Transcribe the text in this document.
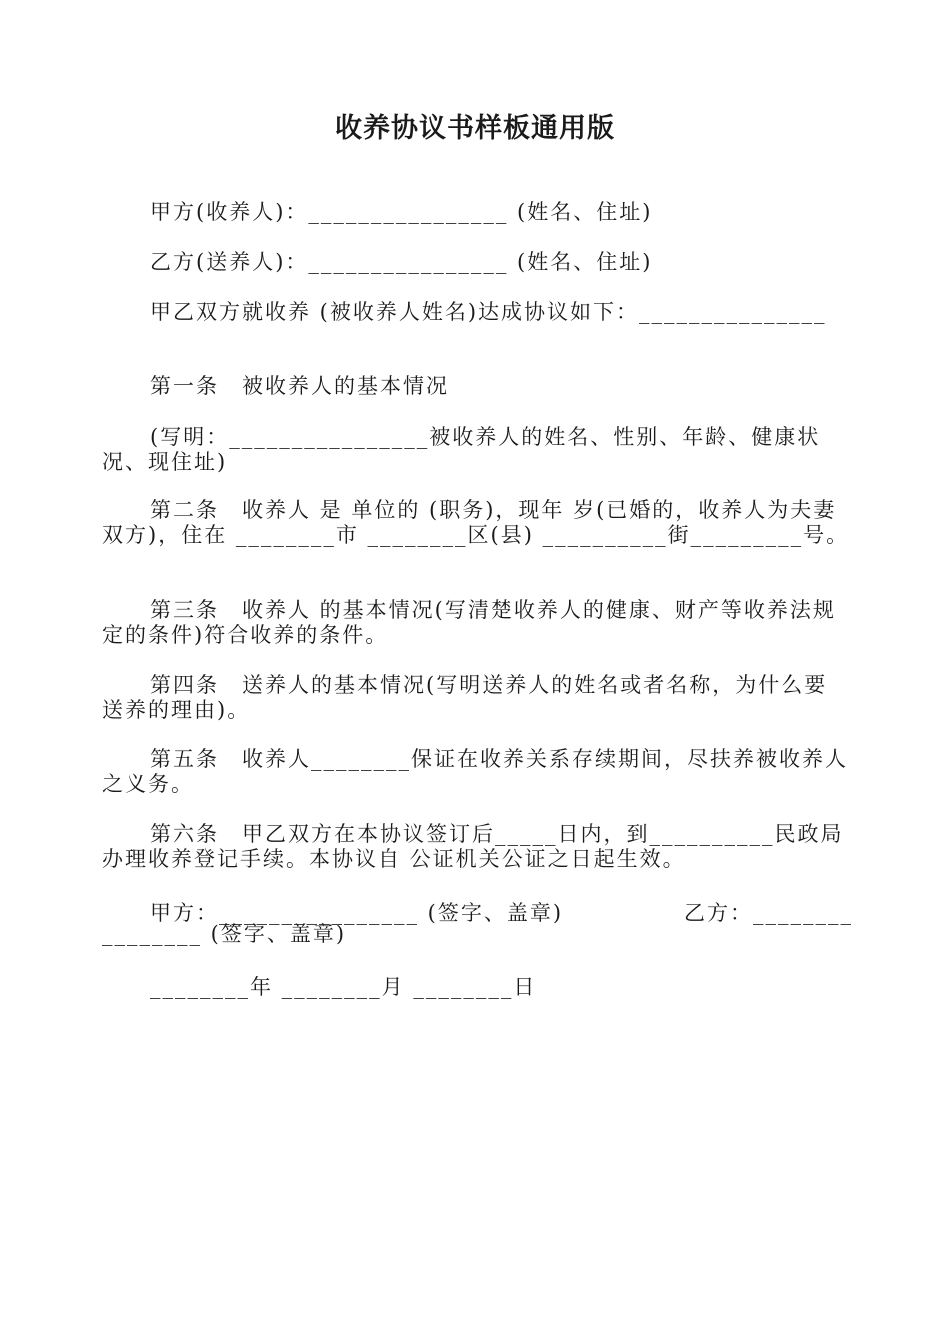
收养协议书样板通用版

甲方(收养人)：________________ (姓名、住址)

乙方(送养人)：________________ (姓名、住址)

甲乙双方就收养 (被收养人姓名)达成协议如下：_______________

第一条　被收养人的基本情况

(写明：________________被收养人的姓名、性别、年龄、健康状况、现住址)

第二条　收养人 是 单位的 (职务)，现年 岁(已婚的，收养人为夫妻双方)，住在 ________市 ________区(县) __________街_________号。

第三条　收养人 的基本情况(写清楚收养人的健康、财产等收养法规定的条件)符合收养的条件。

第四条　送养人的基本情况(写明送养人的姓名或者名称，为什么要送养的理由)。

第五条　收养人________保证在收养关系存续期间，尽扶养被收养人之义务。

第六条　甲乙双方在本协议签订后_____日内，到__________民政局办理收养登记手续。本协议自 公证机关公证之日起生效。

甲方：________________ (签字、盖章)	乙方：________
________ (签字、盖章)
________年 ________月 ________日
